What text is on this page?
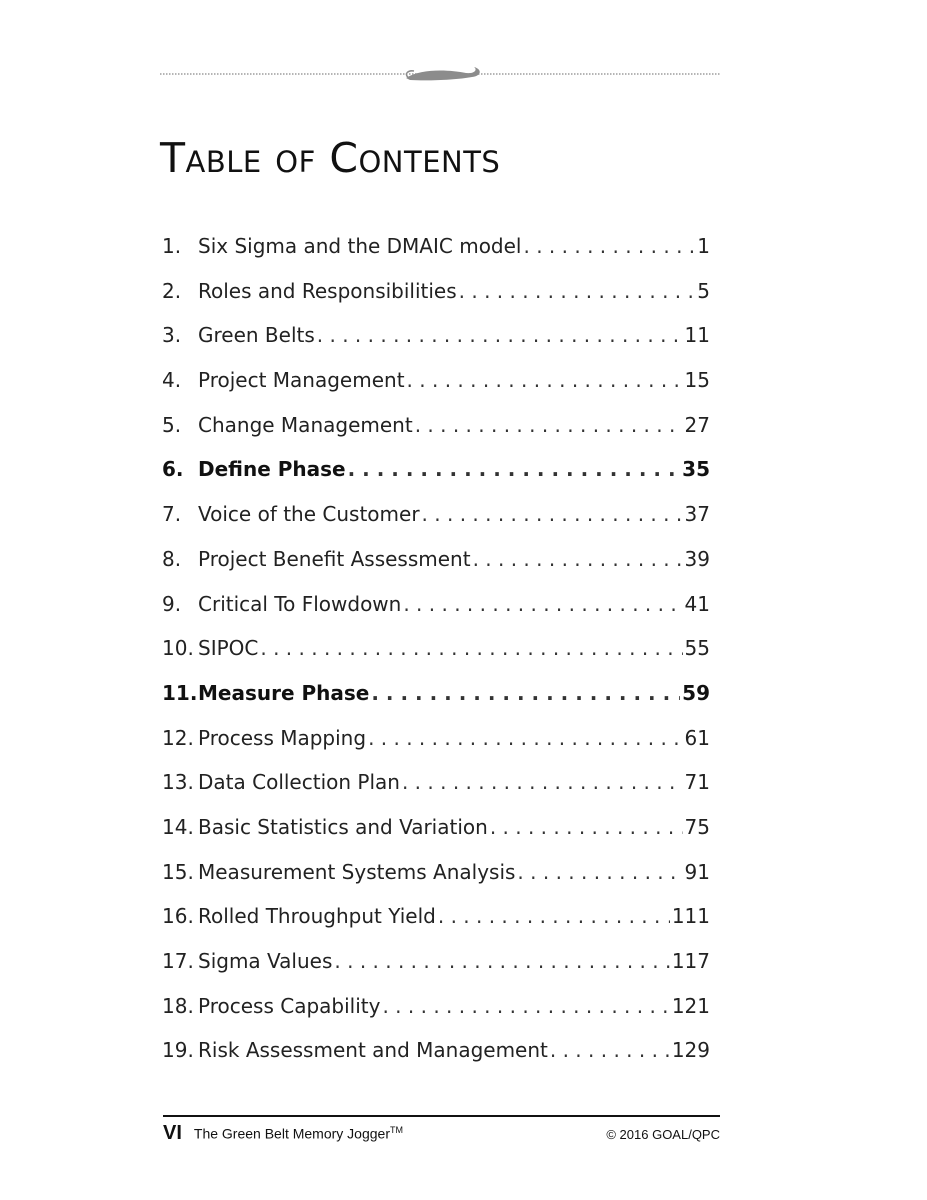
Table of Contents
1. Six Sigma and the DMAIC model . . .	1
2. Roles and Responsibilities . . .	5
3. Green Belts . . .	11
4. Project Management . . .	15
5. Change Management . . .	27
6. Define Phase . . .	35
7. Voice of the Customer . . .	37
8. Project Benefit Assessment . . .	39
9. Critical To Flowdown . . .	41
10. SIPOC . . .	55
11. Measure Phase . . .	59
12. Process Mapping . . .	61
13. Data Collection Plan . . .	71
14. Basic Statistics and Variation . . .	75
15. Measurement Systems Analysis . . .	91
16. Rolled Throughput Yield . . .	111
17. Sigma Values . . .	117
18. Process Capability . . .	121
19. Risk Assessment and Management . . .	129
VI The Green Belt Memory Jogger™	© 2016 GOAL/QPC
